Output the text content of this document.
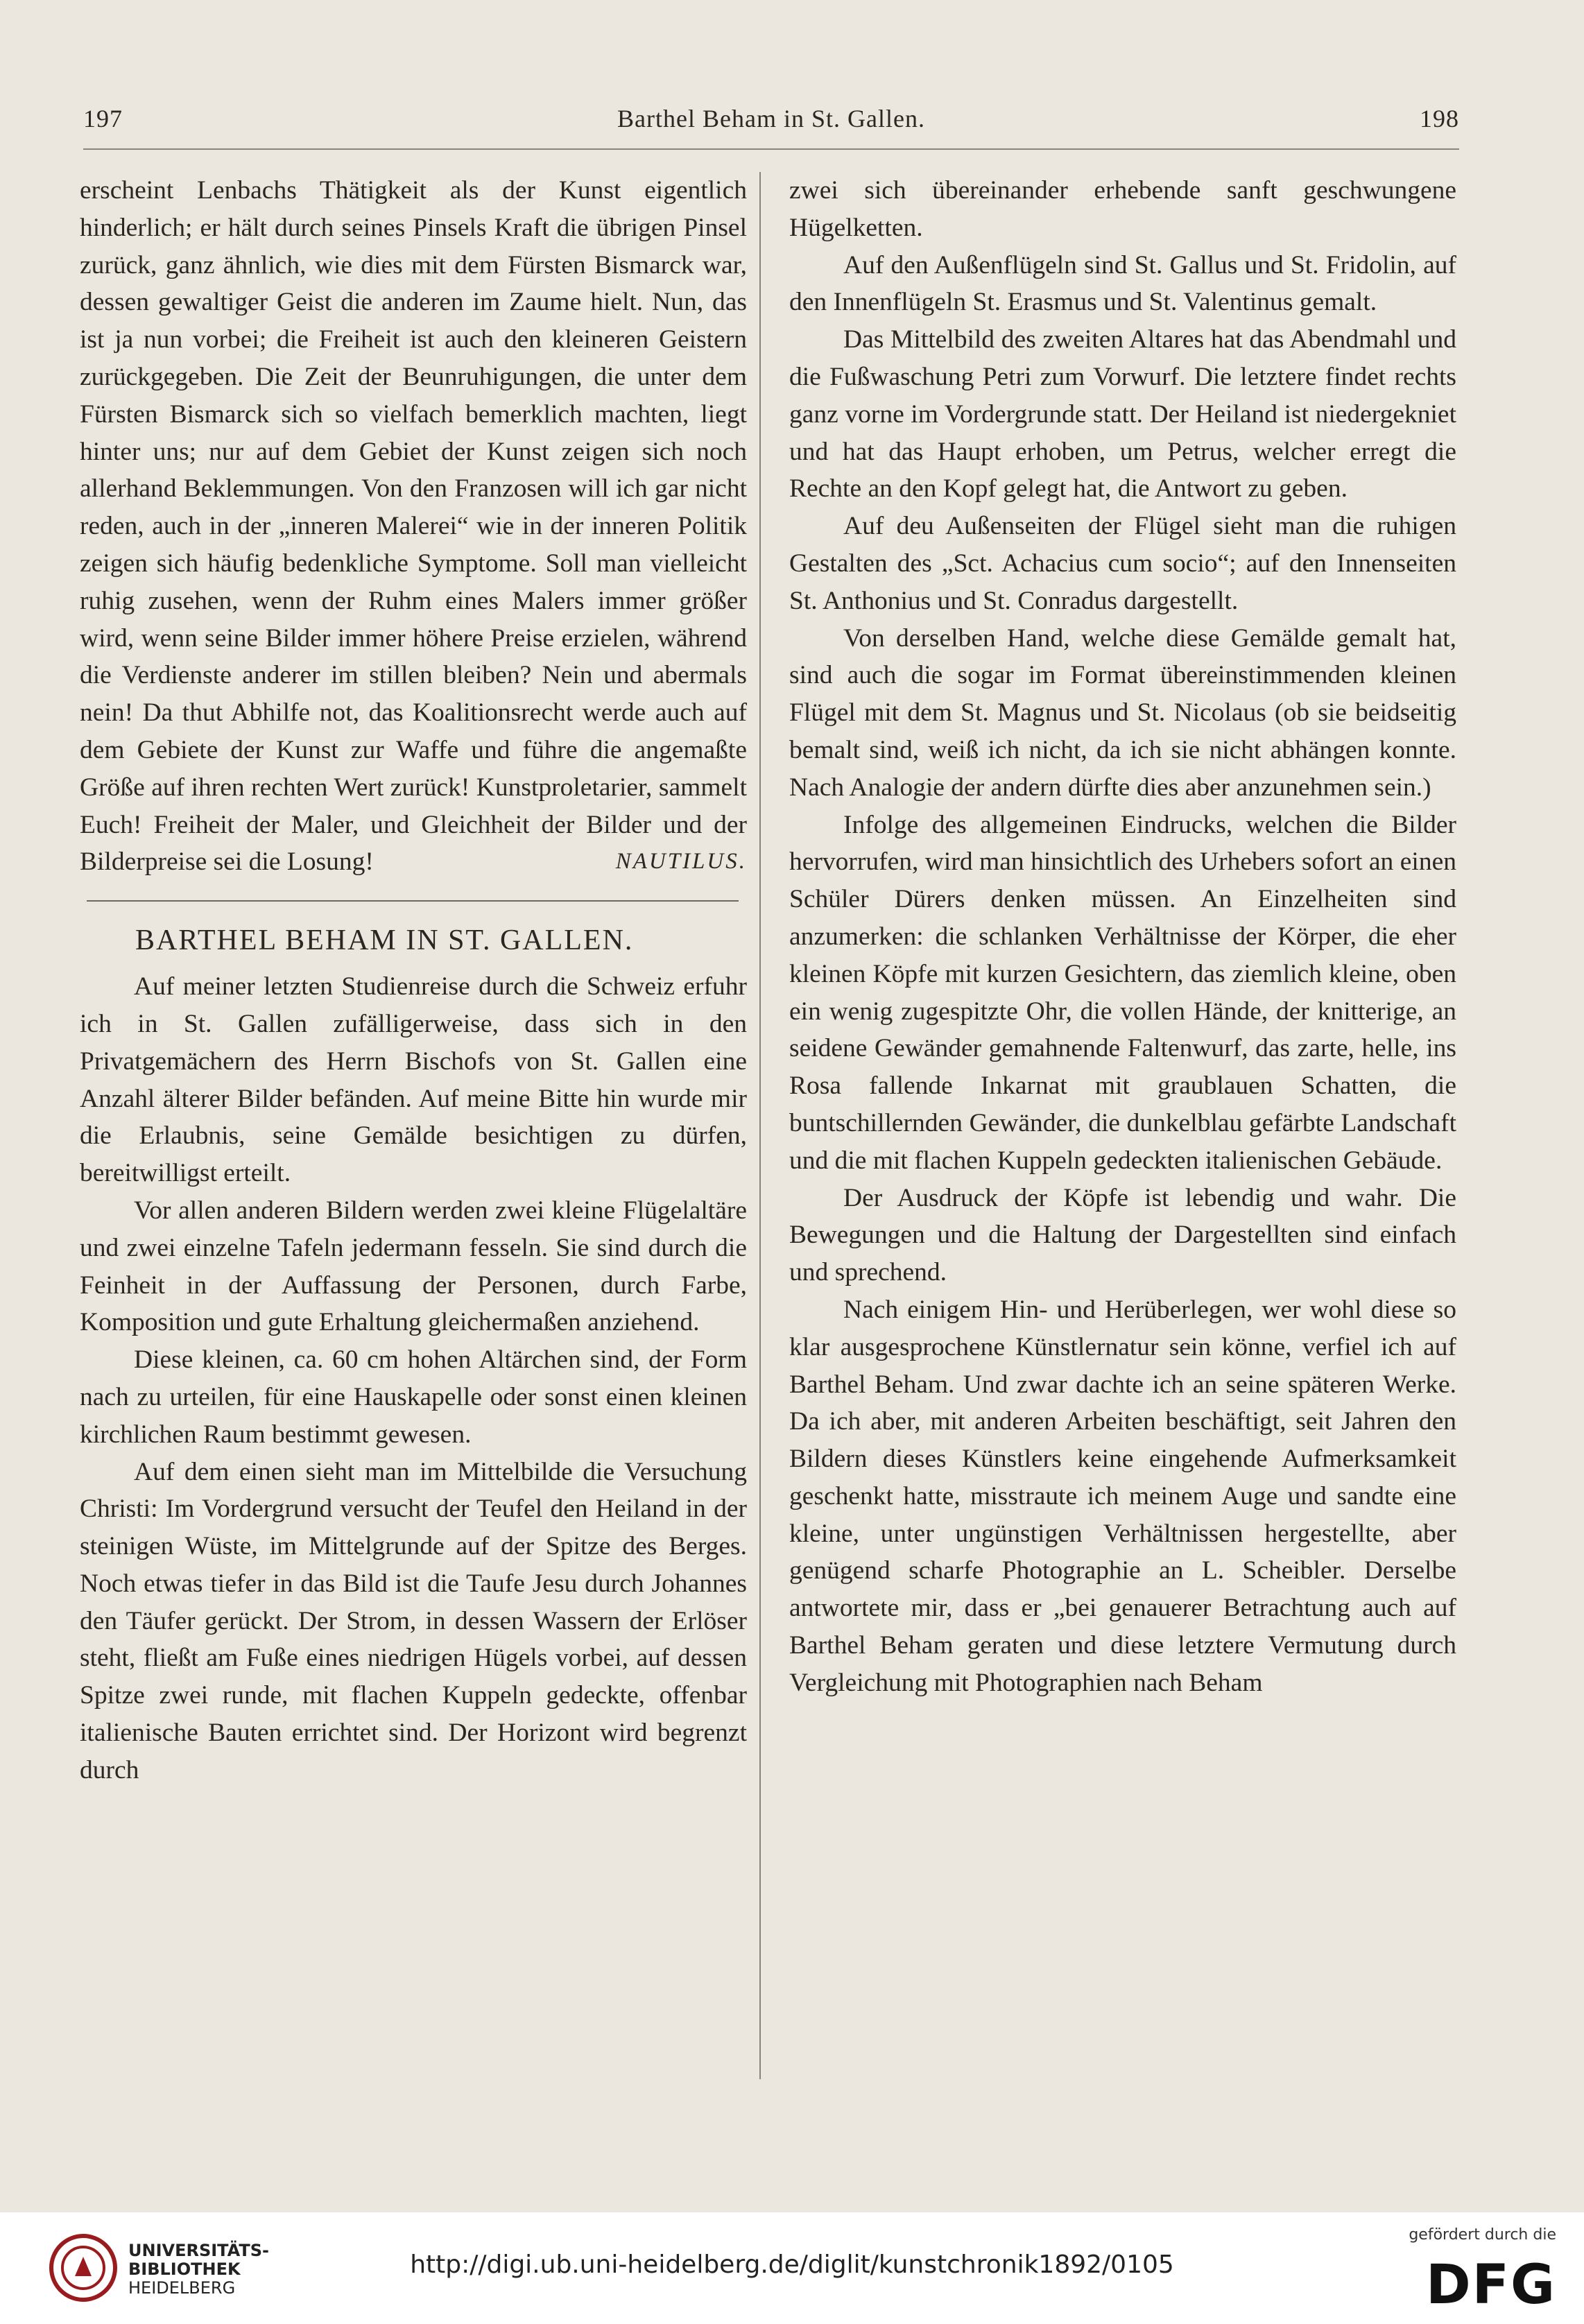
197	Barthel Beham in St. Gallen.	198

erscheint Lenbachs Thätigkeit als der Kunst eigentlich hinderlich; er hält durch seines Pinsels Kraft die übrigen Pinsel zurück, ganz ähnlich, wie dies mit dem Fürsten Bismarck war, dessen gewaltiger Geist die anderen im Zaume hielt. Nun, das ist ja nun vorbei; die Freiheit ist auch den kleineren Geistern zurückgegeben. Die Zeit der Beunruhigungen, die unter dem Fürsten Bismarck sich so vielfach bemerklich machten, liegt hinter uns; nur auf dem Gebiet der Kunst zeigen sich noch allerhand Beklemmungen. Von den Franzosen will ich gar nicht reden, auch in der „inneren Malerei“ wie in der inneren Politik zeigen sich häufig bedenkliche Symptome. Soll man vielleicht ruhig zusehen, wenn der Ruhm eines Malers immer größer wird, wenn seine Bilder immer höhere Preise erzielen, während die Verdienste anderer im stillen bleiben? Nein und abermals nein! Da thut Abhilfe not, das Koalitionsrecht werde auch auf dem Gebiete der Kunst zur Waffe und führe die angemaßte Größe auf ihren rechten Wert zurück! Kunstproletarier, sammelt Euch! Freiheit der Maler, und Gleichheit der Bilder und der Bilderpreise sei die Losung!	NAUTILUS.

BARTHEL BEHAM IN ST. GALLEN.

Auf meiner letzten Studienreise durch die Schweiz erfuhr ich in St. Gallen zufälligerweise, dass sich in den Privatgemächern des Herrn Bischofs von St. Gallen eine Anzahl älterer Bilder befänden. Auf meine Bitte hin wurde mir die Erlaubnis, seine Gemälde besichtigen zu dürfen, bereitwilligst erteilt.

Vor allen anderen Bildern werden zwei kleine Flügelaltäre und zwei einzelne Tafeln jedermann fesseln. Sie sind durch die Feinheit in der Auffassung der Personen, durch Farbe, Komposition und gute Erhaltung gleichermaßen anziehend.

Diese kleinen, ca. 60 cm hohen Altärchen sind, der Form nach zu urteilen, für eine Hauskapelle oder sonst einen kleinen kirchlichen Raum bestimmt gewesen.

Auf dem einen sieht man im Mittelbilde die Versuchung Christi: Im Vordergrund versucht der Teufel den Heiland in der steinigen Wüste, im Mittelgrunde auf der Spitze des Berges. Noch etwas tiefer in das Bild ist die Taufe Jesu durch Johannes den Täufer gerückt. Der Strom, in dessen Wassern der Erlöser steht, fließt am Fuße eines niedrigen Hügels vorbei, auf dessen Spitze zwei runde, mit flachen Kuppeln gedeckte, offenbar italienische Bauten errichtet sind. Der Horizont wird begrenzt durch

zwei sich übereinander erhebende sanft geschwungene Hügelketten.

Auf den Außenflügeln sind St. Gallus und St. Fridolin, auf den Innenflügeln St. Erasmus und St. Valentinus gemalt.

Das Mittelbild des zweiten Altares hat das Abendmahl und die Fußwaschung Petri zum Vorwurf. Die letztere findet rechts ganz vorne im Vordergrunde statt. Der Heiland ist niedergekniet und hat das Haupt erhoben, um Petrus, welcher erregt die Rechte an den Kopf gelegt hat, die Antwort zu geben.

Auf deu Außenseiten der Flügel sieht man die ruhigen Gestalten des „Sct. Achacius cum socio“; auf den Innenseiten St. Anthonius und St. Conradus dargestellt.

Von derselben Hand, welche diese Gemälde gemalt hat, sind auch die sogar im Format übereinstimmenden kleinen Flügel mit dem St. Magnus und St. Nicolaus (ob sie beidseitig bemalt sind, weiß ich nicht, da ich sie nicht abhängen konnte. Nach Analogie der andern dürfte dies aber anzunehmen sein.)

Infolge des allgemeinen Eindrucks, welchen die Bilder hervorrufen, wird man hinsichtlich des Urhebers sofort an einen Schüler Dürers denken müssen. An Einzelheiten sind anzumerken: die schlanken Verhältnisse der Körper, die eher kleinen Köpfe mit kurzen Gesichtern, das ziemlich kleine, oben ein wenig zugespitzte Ohr, die vollen Hände, der knitterige, an seidene Gewänder gemahnende Faltenwurf, das zarte, helle, ins Rosa fallende Inkarnat mit graublauen Schatten, die buntschillernden Gewänder, die dunkelblau gefärbte Landschaft und die mit flachen Kuppeln gedeckten italienischen Gebäude.

Der Ausdruck der Köpfe ist lebendig und wahr. Die Bewegungen und die Haltung der Dargestellten sind einfach und sprechend.

Nach einigem Hin- und Herüberlegen, wer wohl diese so klar ausgesprochene Künstlernatur sein könne, verfiel ich auf Barthel Beham. Und zwar dachte ich an seine späteren Werke. Da ich aber, mit anderen Arbeiten beschäftigt, seit Jahren den Bildern dieses Künstlers keine eingehende Aufmerksamkeit geschenkt hatte, misstraute ich meinem Auge und sandte eine kleine, unter ungünstigen Verhältnissen hergestellte, aber genügend scharfe Photographie an L. Scheibler. Derselbe antwortete mir, dass er „bei genauerer Betrachtung auch auf Barthel Beham geraten und diese letztere Vermutung durch Vergleichung mit Photographien nach Beham

UNIVERSITÄTS-
BIBLIOTHEK
HEIDELBERG
http://digi.ub.uni-heidelberg.de/diglit/kunstchronik1892/0105
gefördert durch die
DFG
